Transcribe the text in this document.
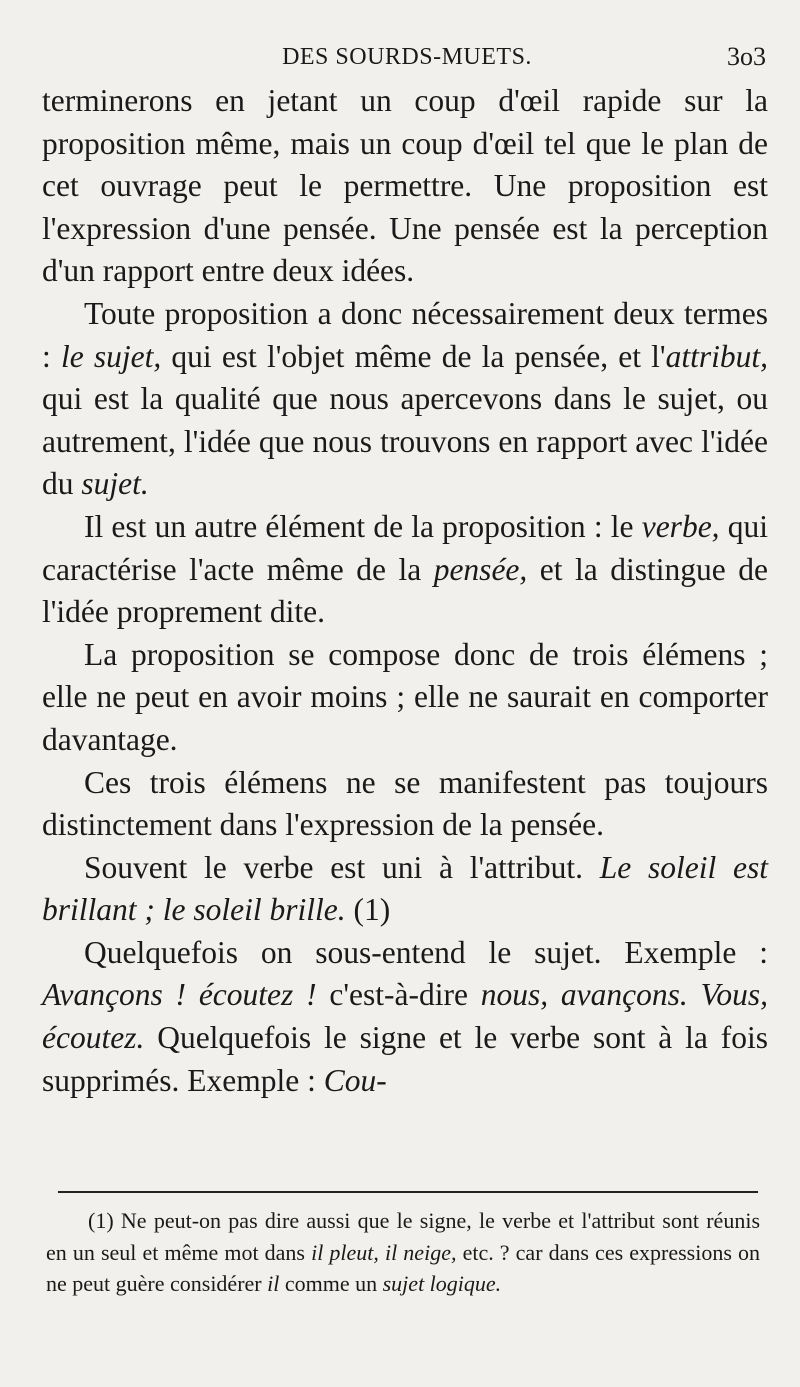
DES SOURDS-MUETS.	3o3

terminerons en jetant un coup d'œil rapide sur la proposition même, mais un coup d'œil tel que le plan de cet ouvrage peut le permettre. Une proposition est l'expression d'une pensée. Une pensée est la perception d'un rapport entre deux idées.

Toute proposition a donc nécessairement deux termes : le sujet, qui est l'objet même de la pensée, et l'attribut, qui est la qualité que nous apercevons dans le sujet, ou autrement, l'idée que nous trouvons en rapport avec l'idée du sujet.

Il est un autre élément de la proposition : le verbe, qui caractérise l'acte même de la pensée, et la distingue de l'idée proprement dite.

La proposition se compose donc de trois élémens ; elle ne peut en avoir moins ; elle ne saurait en comporter davantage.

Ces trois élémens ne se manifestent pas toujours distinctement dans l'expression de la pensée.

Souvent le verbe est uni à l'attribut. Le soleil est brillant ; le soleil brille. (1)

Quelquefois on sous-entend le sujet. Exemple : Avançons ! écoutez ! c'est-à-dire nous, avançons. Vous, écoutez. Quelquefois le signe et le verbe sont à la fois supprimés. Exemple : Cou-

(1) Ne peut-on pas dire aussi que le signe, le verbe et l'attribut sont réunis en un seul et même mot dans il pleut, il neige, etc. ? car dans ces expressions on ne peut guère considérer il comme un sujet logique.
